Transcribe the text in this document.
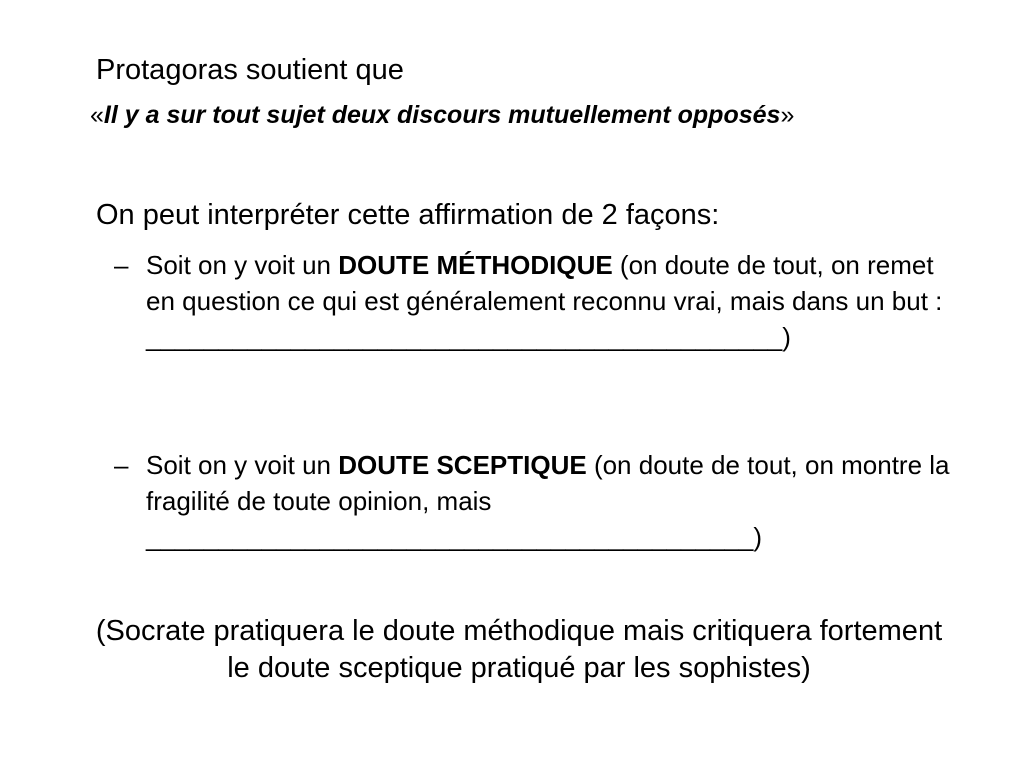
Protagoras soutient que
«Il y a sur tout sujet deux discours mutuellement opposés»
On peut interpréter cette affirmation de 2 façons:
– Soit on y voit un DOUTE MÉTHODIQUE (on doute de tout, on remet en question ce qui est généralement reconnu vrai, mais dans un but :
____________________________________________)
– Soit on y voit un DOUTE SCEPTIQUE (on doute de tout, on montre la fragilité de toute opinion, mais
__________________________________________)
(Socrate pratiquera le doute méthodique mais critiquera fortement le doute sceptique pratiqué par les sophistes)
